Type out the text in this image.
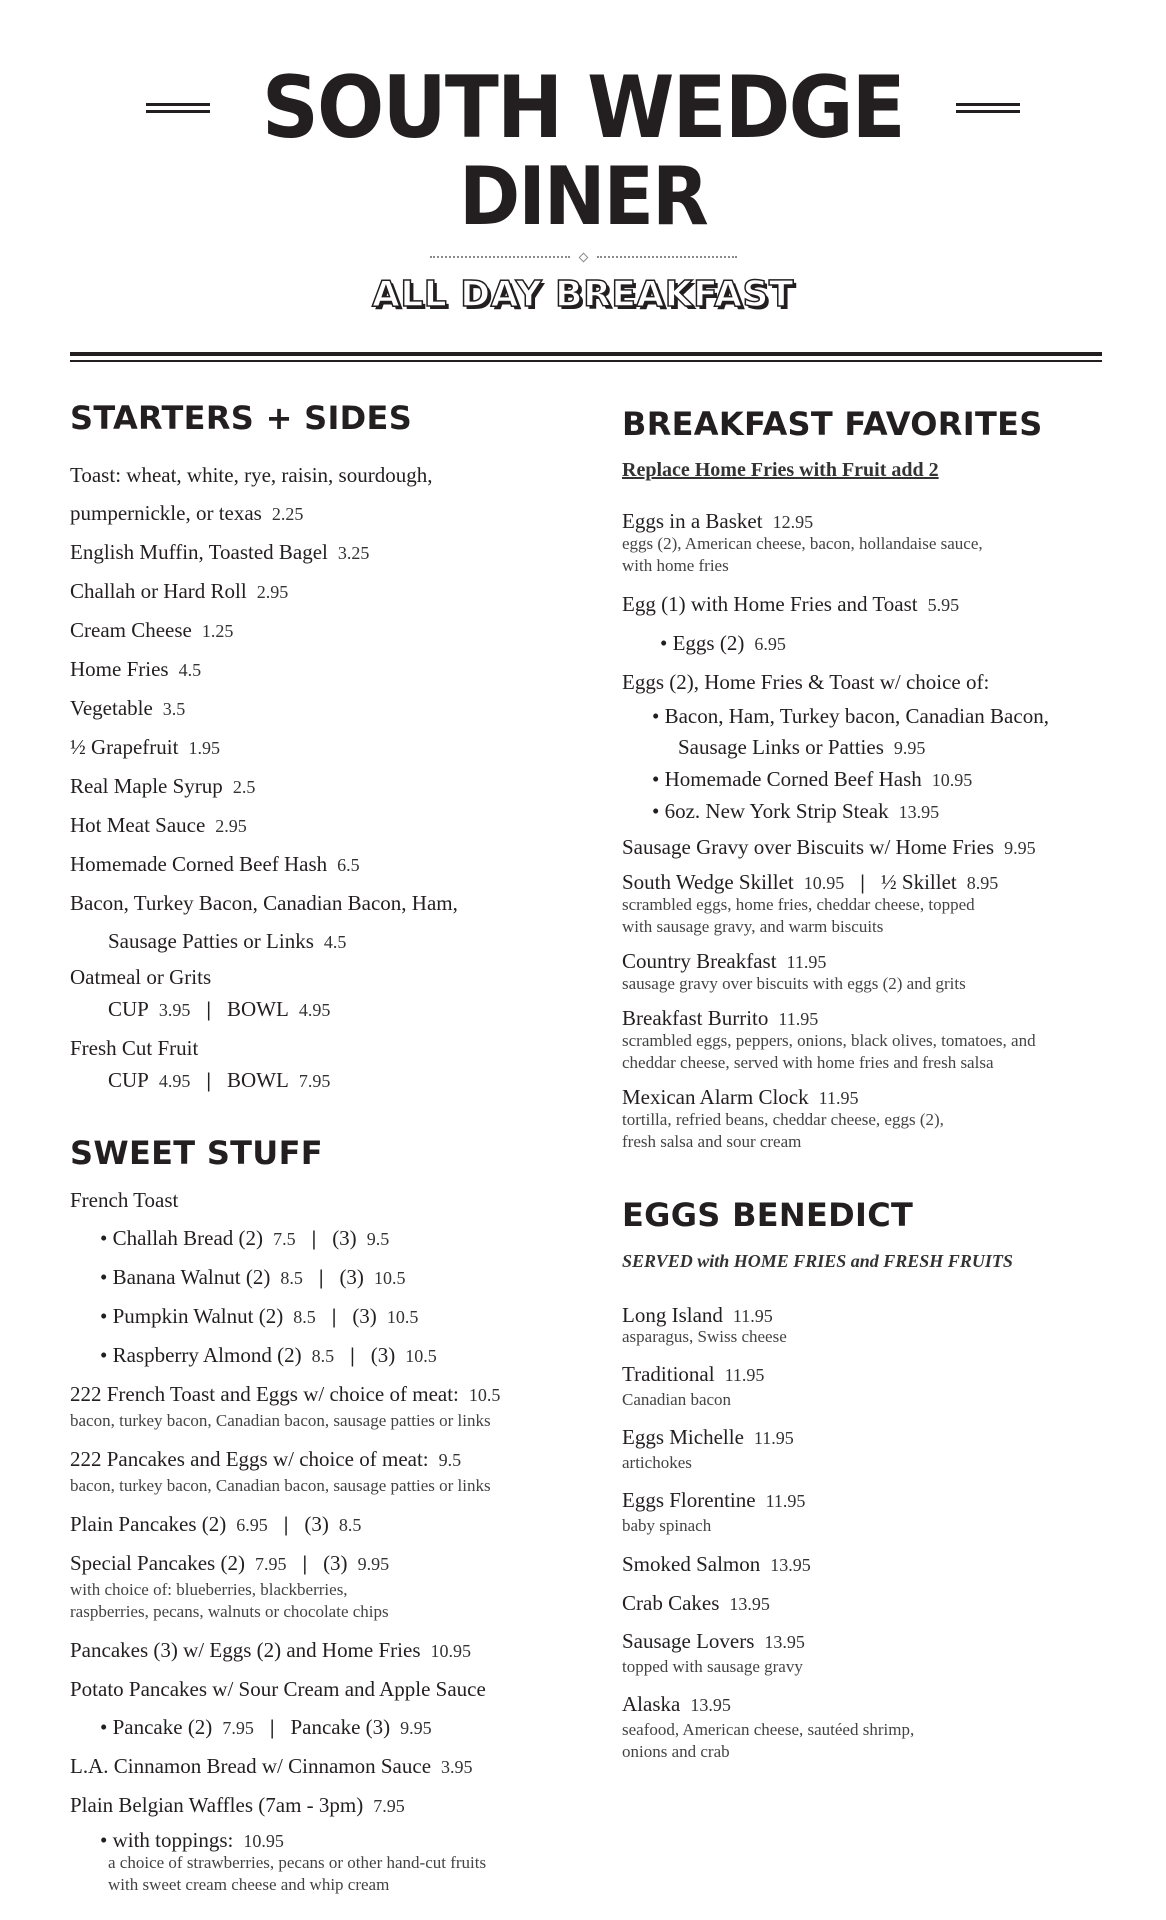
SOUTH WEDGE
DINER
ALL DAY BREAKFAST
STARTERS + SIDES
Toast: wheat, white, rye, raisin, sourdough,
pumpernickle, or texas 2.25
English Muffin, Toasted Bagel 3.25
Challah or Hard Roll 2.95
Cream Cheese 1.25
Home Fries 4.5
Vegetable 3.5
½ Grapefruit 1.95
Real Maple Syrup 2.5
Hot Meat Sauce 2.95
Homemade Corned Beef Hash 6.5
Bacon, Turkey Bacon, Canadian Bacon, Ham,
Sausage Patties or Links 4.5
Oatmeal or Grits
CUP 3.95 | BOWL 4.95
Fresh Cut Fruit
CUP 4.95 | BOWL 7.95
SWEET STUFF
French Toast
• Challah Bread (2) 7.5 | (3) 9.5
• Banana Walnut (2) 8.5 | (3) 10.5
• Pumpkin Walnut (2) 8.5 | (3) 10.5
• Raspberry Almond (2) 8.5 | (3) 10.5
222 French Toast and Eggs w/ choice of meat: 10.5
bacon, turkey bacon, Canadian bacon, sausage patties or links
222 Pancakes and Eggs w/ choice of meat: 9.5
bacon, turkey bacon, Canadian bacon, sausage patties or links
Plain Pancakes (2) 6.95 | (3) 8.5
Special Pancakes (2) 7.95 | (3) 9.95
with choice of: blueberries, blackberries,
raspberries, pecans, walnuts or chocolate chips
Pancakes (3) w/ Eggs (2) and Home Fries 10.95
Potato Pancakes w/ Sour Cream and Apple Sauce
• Pancake (2) 7.95 | Pancake (3) 9.95
L.A. Cinnamon Bread w/ Cinnamon Sauce 3.95
Plain Belgian Waffles (7am - 3pm) 7.95
• with toppings: 10.95
a choice of strawberries, pecans or other hand-cut fruits
with sweet cream cheese and whip cream
BREAKFAST FAVORITES
Replace Home Fries with Fruit add 2
Eggs in a Basket 12.95
eggs (2), American cheese, bacon, hollandaise sauce,
with home fries
Egg (1) with Home Fries and Toast 5.95
• Eggs (2) 6.95
Eggs (2), Home Fries & Toast w/ choice of:
• Bacon, Ham, Turkey bacon, Canadian Bacon,
Sausage Links or Patties 9.95
• Homemade Corned Beef Hash 10.95
• 6oz. New York Strip Steak 13.95
Sausage Gravy over Biscuits w/ Home Fries 9.95
South Wedge Skillet 10.95 | ½ Skillet 8.95
scrambled eggs, home fries, cheddar cheese, topped
with sausage gravy, and warm biscuits
Country Breakfast 11.95
sausage gravy over biscuits with eggs (2) and grits
Breakfast Burrito 11.95
scrambled eggs, peppers, onions, black olives, tomatoes, and
cheddar cheese, served with home fries and fresh salsa
Mexican Alarm Clock 11.95
tortilla, refried beans, cheddar cheese, eggs (2),
fresh salsa and sour cream
EGGS BENEDICT
SERVED with HOME FRIES and FRESH FRUITS
Long Island 11.95
asparagus, Swiss cheese
Traditional 11.95
Canadian bacon
Eggs Michelle 11.95
artichokes
Eggs Florentine 11.95
baby spinach
Smoked Salmon 13.95
Crab Cakes 13.95
Sausage Lovers 13.95
topped with sausage gravy
Alaska 13.95
seafood, American cheese, sautéed shrimp,
onions and crab
